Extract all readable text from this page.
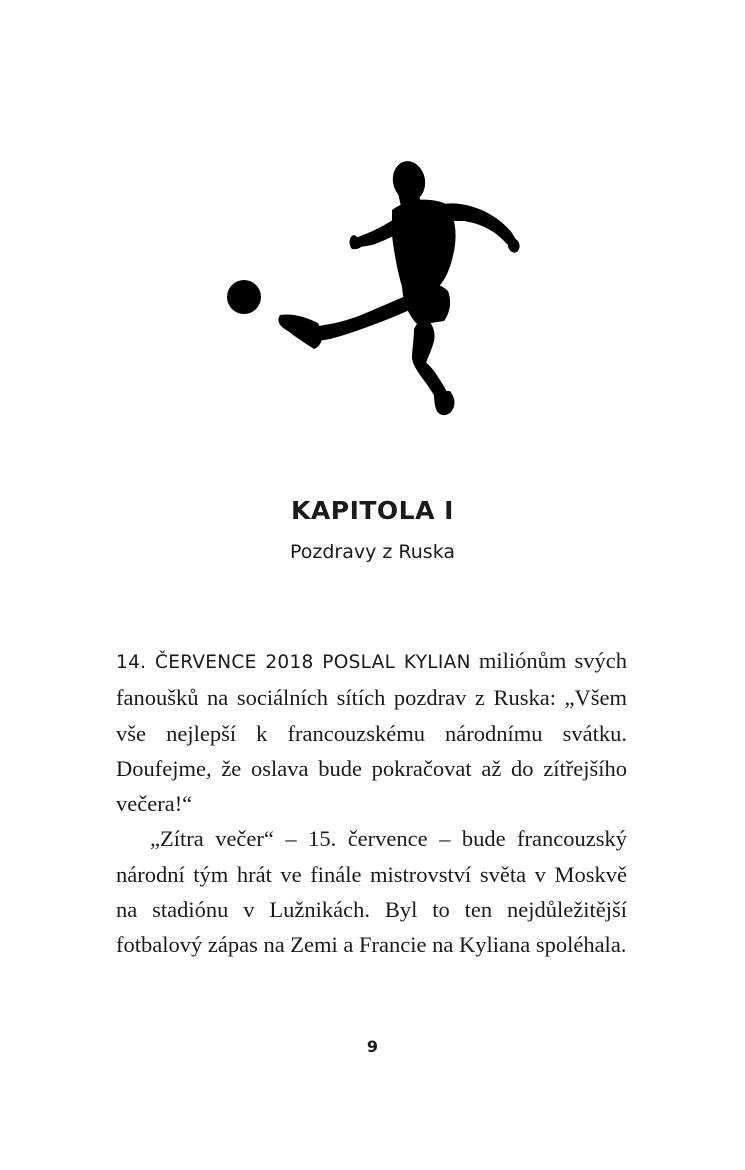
KAPITOLA I
Pozdravy z Ruska

14. ČERVENCE 2018 POSLAL KYLIAN miliónům svých fanoušků na sociálních sítích pozdrav z Ruska: „Všem vše nejlepší k francouzskému národnímu svátku. Doufejme, že oslava bude pokračovat až do zítřejšího večera!“

„Zítra večer“ – 15. července – bude francouzský národní tým hrát ve finále mistrovství světa v Moskvě na stadiónu v Lužnikách. Byl to ten nejdůležitější fotbalový zápas na Zemi a Francie na Kyliana spoléhala.

9
